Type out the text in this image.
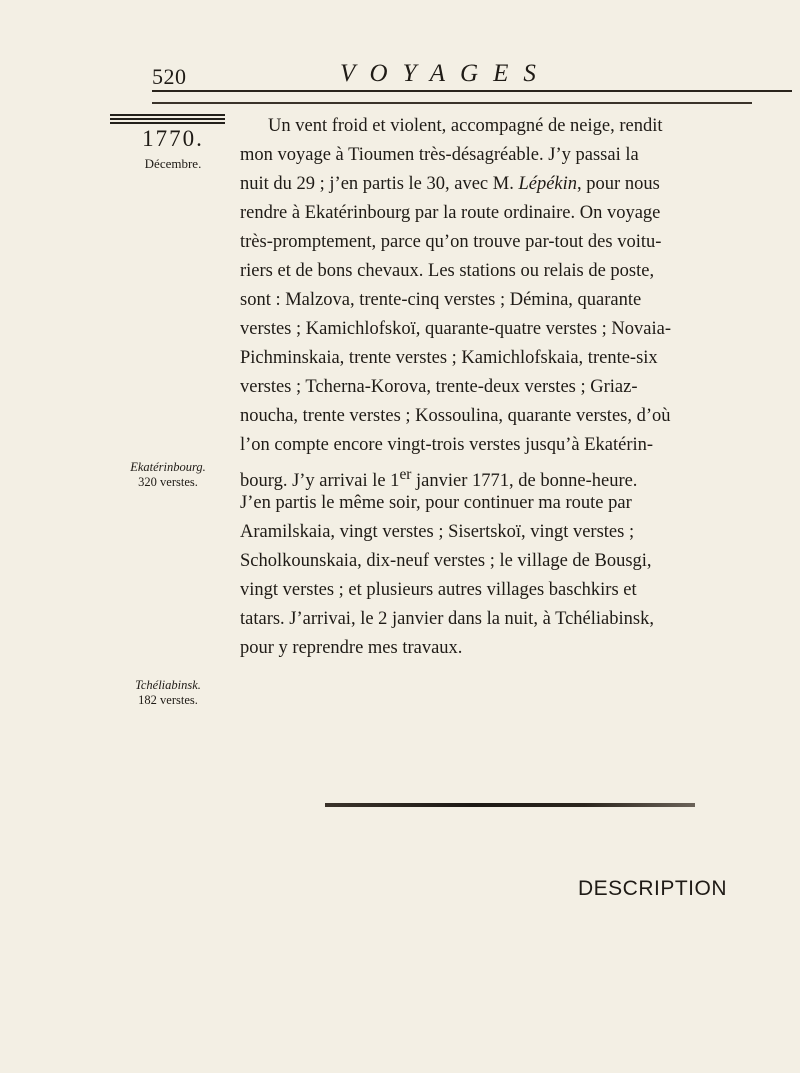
520	VOYAGES
1770.
Décembre.
Ekatérinbourg.
320 verstes.
Tchéliabinsk.
182 verstes.
Un vent froid et violent, accompagné de neige, rendit
mon voyage à Tioumen très-désagréable. J’y passai la
nuit du 29 ; j’en partis le 30, avec M. Lépékin, pour nous
rendre à Ekatérinbourg par la route ordinaire. On voyage
très-promptement, parce qu’on trouve par-tout des voitu-
riers et de bons chevaux. Les stations ou relais de poste,
sont : Malzova, trente-cinq verstes ; Démina, quarante
verstes ; Kamichlofskoï, quarante-quatre verstes ; Novaia-
Pichminskaia, trente verstes ; Kamichlofskaia, trente-six
verstes ; Tcherna-Korova, trente-deux verstes ; Griaz-
noucha, trente verstes ; Kossoulina, quarante verstes, d’où
l’on compte encore vingt-trois verstes jusqu’à Ekatérin-
bourg. J’y arrivai le 1er janvier 1771, de bonne-heure.
J’en partis le même soir, pour continuer ma route par
Aramilskaia, vingt verstes ; Sisertskoï, vingt verstes ;
Scholkounskaia, dix-neuf verstes ; le village de Bousgi,
vingt verstes ; et plusieurs autres villages baschkirs et
tatars. J’arrivai, le 2 janvier dans la nuit, à Tchéliabinsk,
pour y reprendre mes travaux.
DESCRIPTION
